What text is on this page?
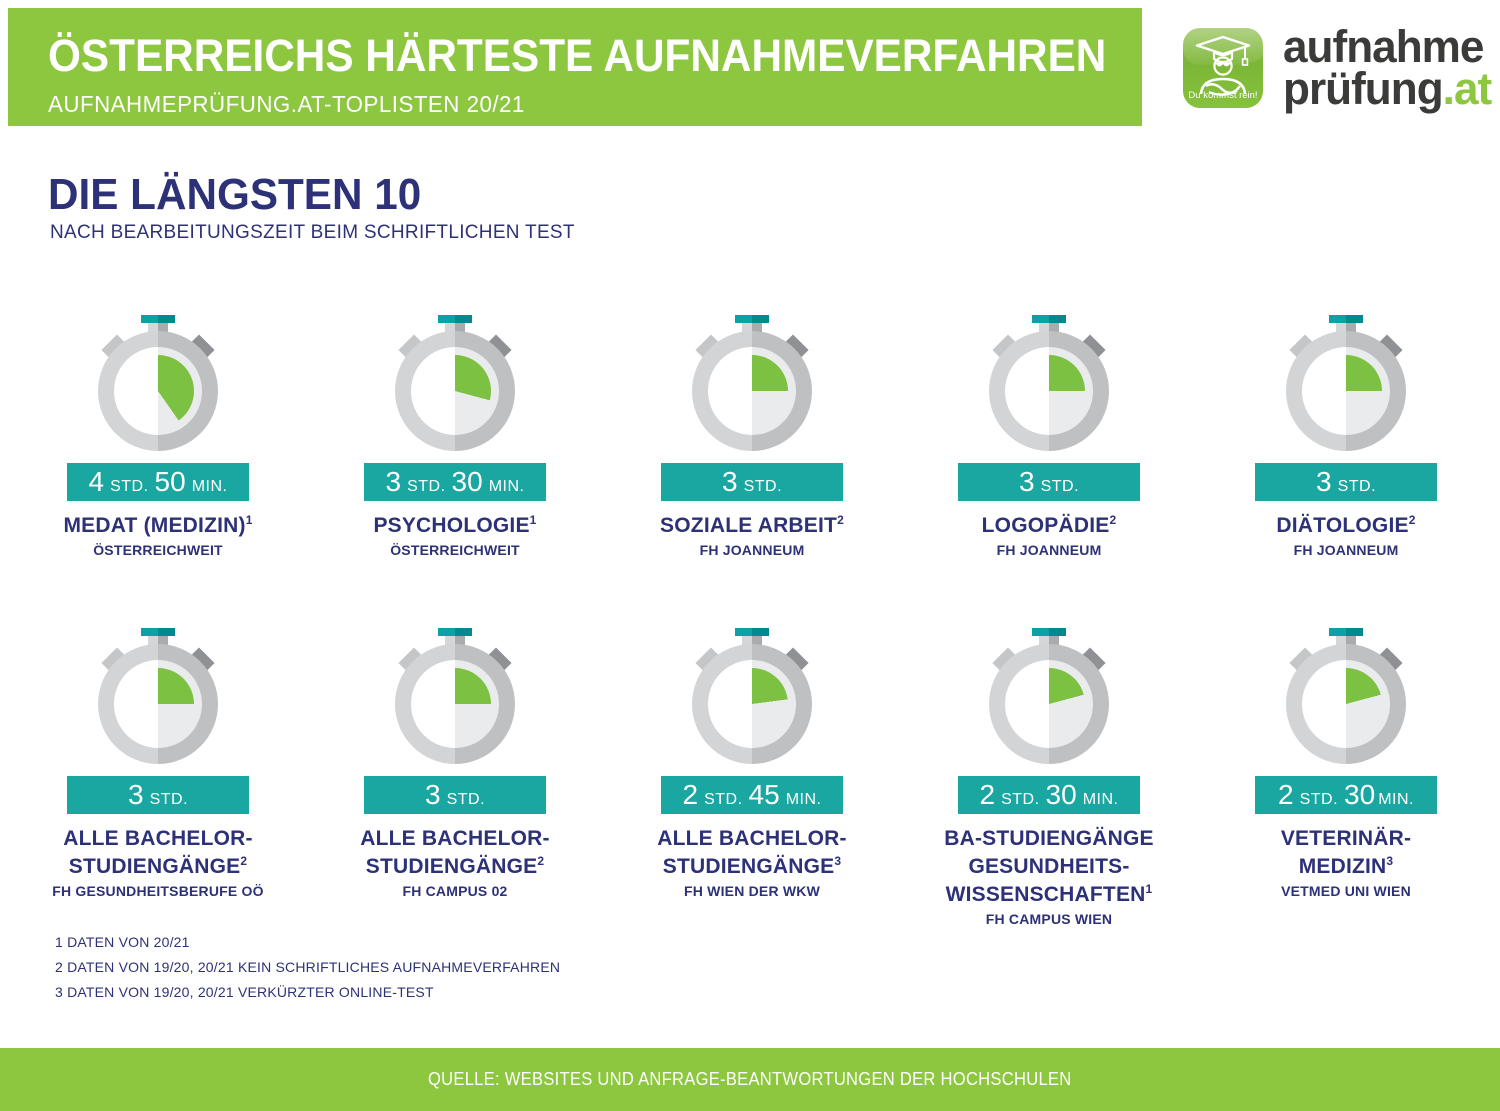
ÖSTERREICHS HÄRTESTE AUFNAHMEVERFAHREN
AUFNAHMEPRÜFUNG.AT-TOPLISTEN 20/21	Du kommst rein!
aufnahme
prüfung.at
DIE LÄNGSTEN 10
NACH BEARBEITUNGSZEIT BEIM SCHRIFTLICHEN TEST
4 STD. 50 MIN.
MEDAT (MEDIZIN)$^1$
ÖSTERREICHWEIT
3 STD. 30 MIN.
PSYCHOLOGIE$^1$
ÖSTERREICHWEIT
3 STD.
SOZIALE ARBEIT$^2$
FH JOANNEUM
3 STD.
LOGOPÄDIE$^2$
FH JOANNEUM
3 STD.
DIÄTOLOGIE$^2$
FH JOANNEUM
3 STD.
ALLE BACHELOR-
STUDIENGÄNGE$^2$
FH GESUNDHEITSBERUFE OÖ
3 STD.
ALLE BACHELOR-
STUDIENGÄNGE$^2$
FH CAMPUS 02
2 STD. 45 MIN.
ALLE BACHELOR-
STUDIENGÄNGE$^3$
FH WIEN DER WKW
2 STD. 30 MIN.
BA-STUDIENGÄNGE
GESUNDHEITS-
WISSENSCHAFTEN$^1$
FH CAMPUS WIEN
2 STD. 30 MIN.
VETERINÄR-
MEDIZIN$^3$
VETMED UNI WIEN
1 DATEN VON 20/21
2 DATEN VON 19/20, 20/21 KEIN SCHRIFTLICHES AUFNAHMEVERFAHREN
3 DATEN VON 19/20, 20/21 VERKÜRZTER ONLINE-TEST
QUELLE: WEBSITES UND ANFRAGE-BEANTWORTUNGEN DER HOCHSCHULEN
